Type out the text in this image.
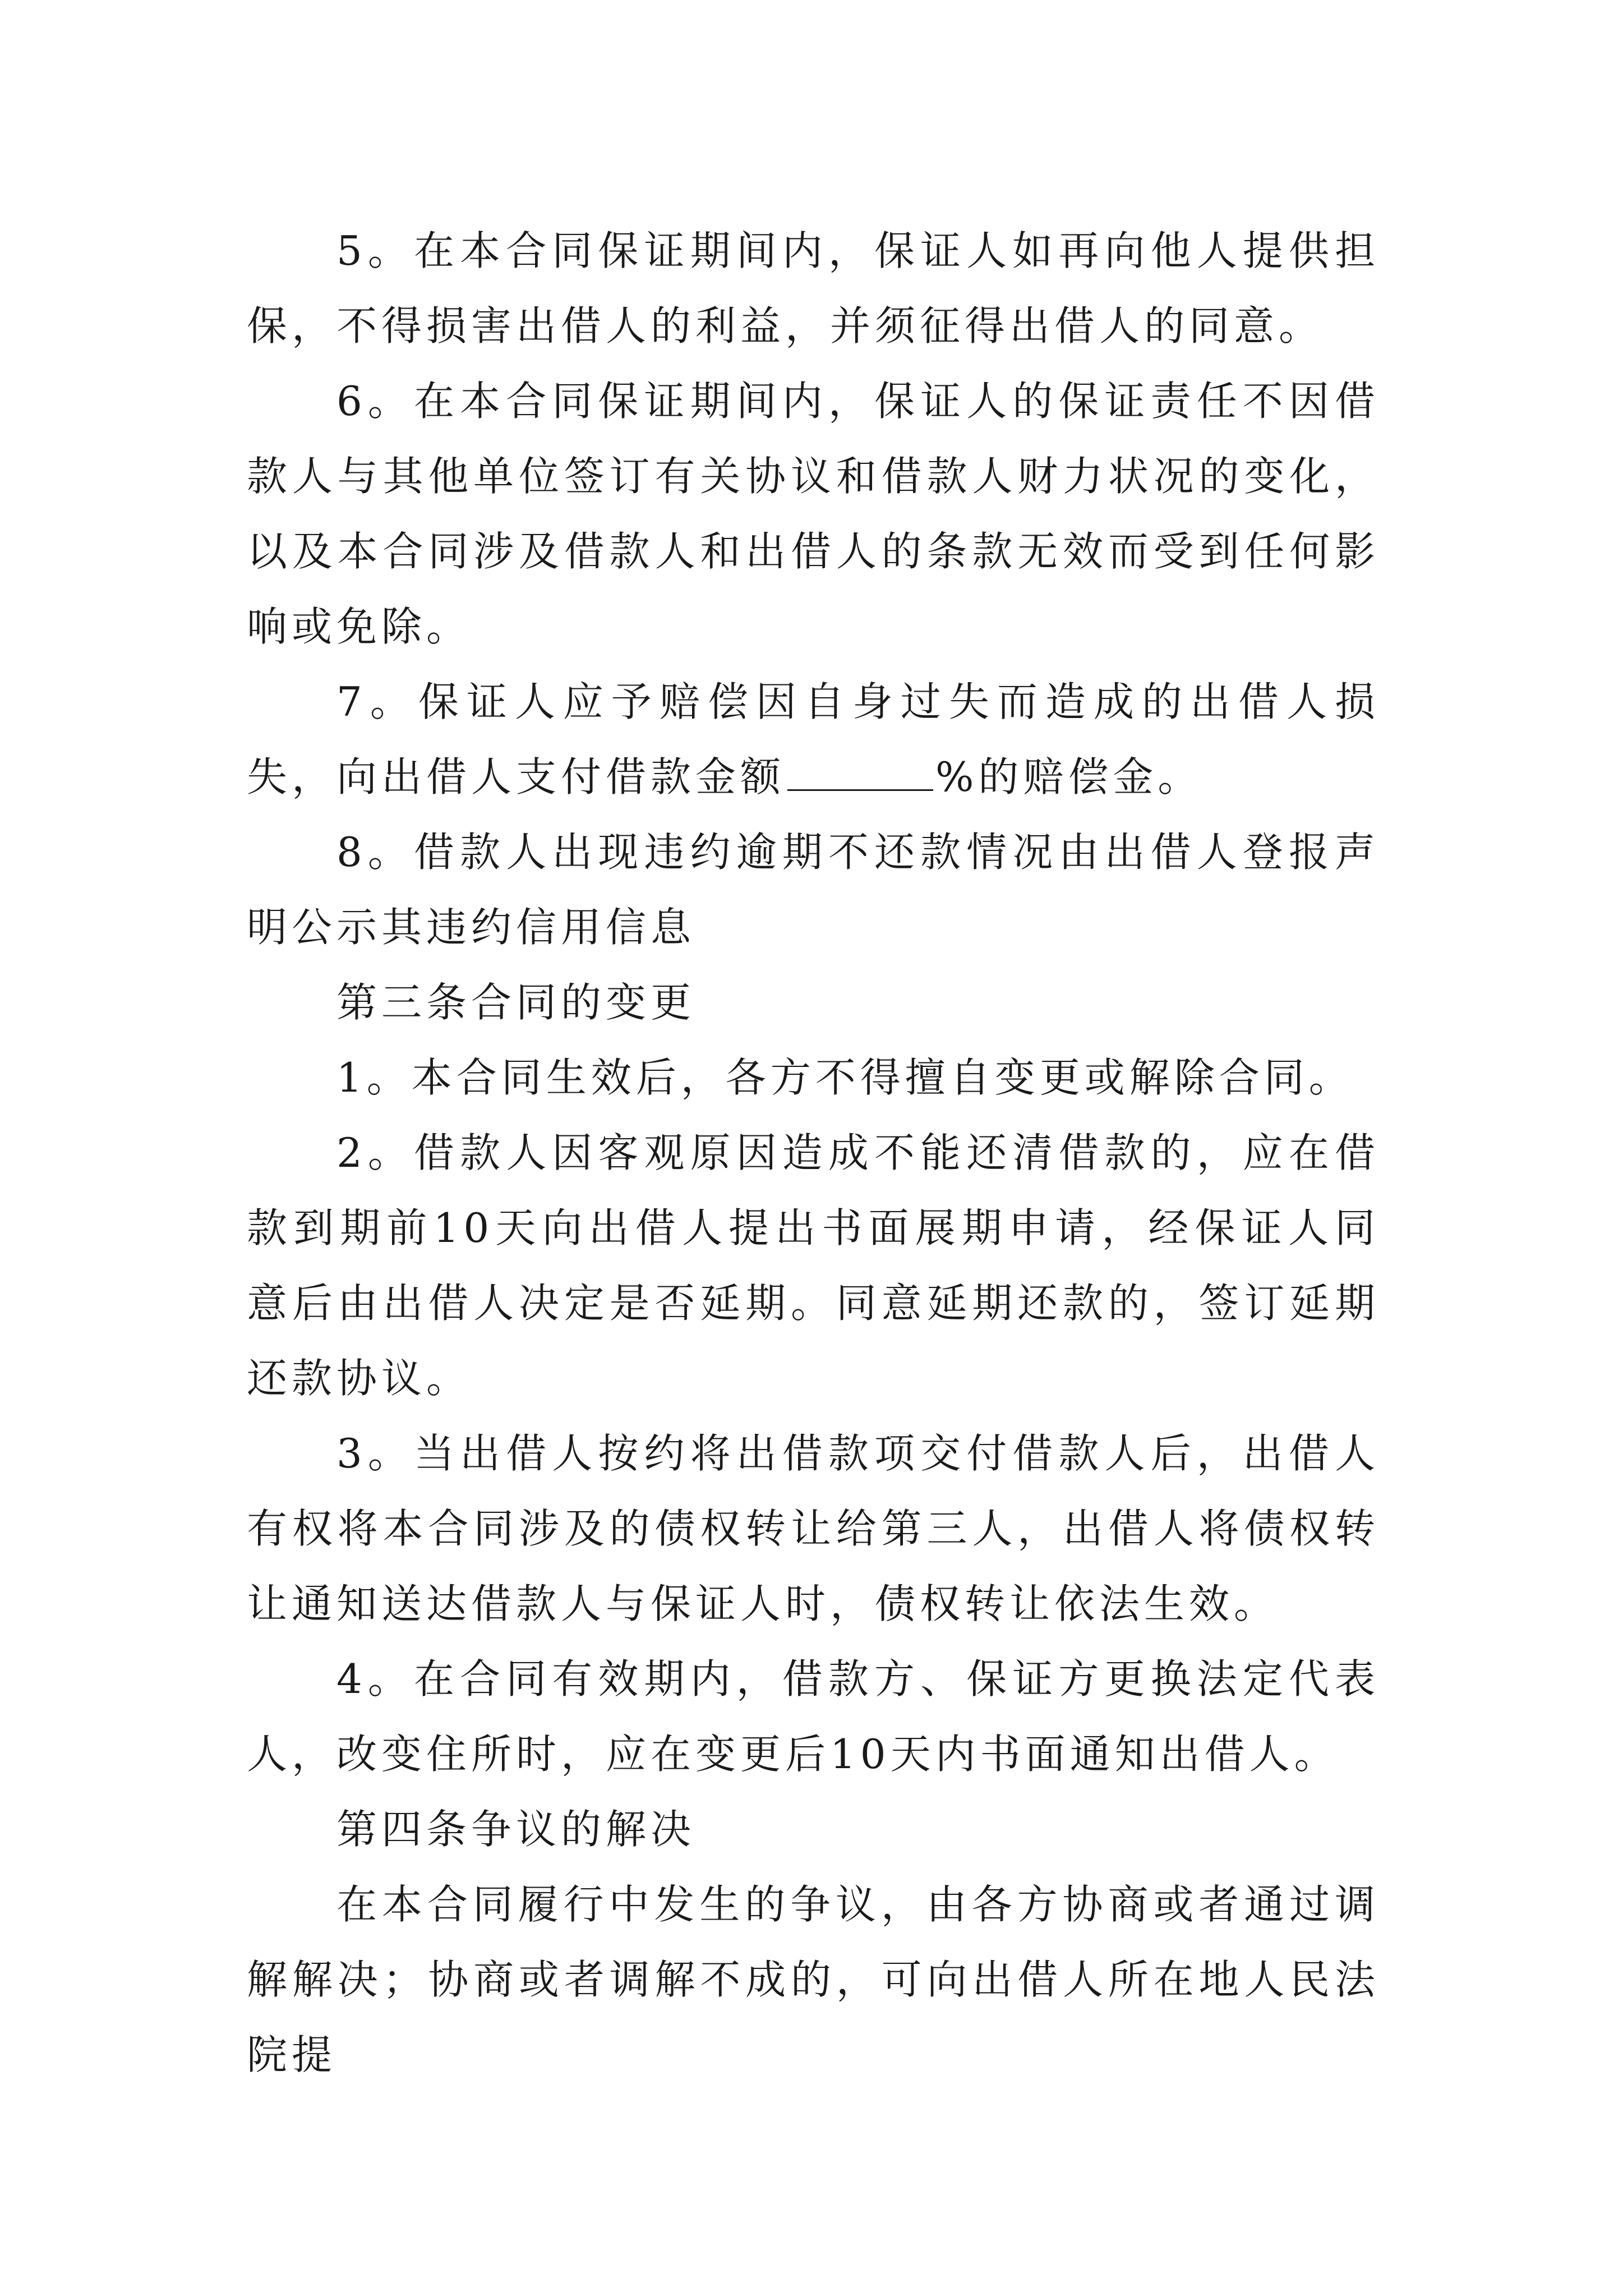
5。在本合同保证期间内，保证人如再向他人提供担保，不得损害出借人的利益，并须征得出借人的同意。

6。在本合同保证期间内，保证人的保证责任不因借款人与其他单位签订有关协议和借款人财力状况的变化，以及本合同涉及借款人和出借人的条款无效而受到任何影响或免除。

7。保证人应予赔偿因自身过失而造成的出借人损失，向出借人支付借款金额	%的赔偿金。

8。借款人出现违约逾期不还款情况由出借人登报声明公示其违约信用信息

第三条合同的变更

1。本合同生效后，各方不得擅自变更或解除合同。

2。借款人因客观原因造成不能还清借款的，应在借款到期前10天向出借人提出书面展期申请，经保证人同意后由出借人决定是否延期。同意延期还款的，签订延期还款协议。

3。当出借人按约将出借款项交付借款人后，出借人有权将本合同涉及的债权转让给第三人，出借人将债权转让通知送达借款人与保证人时，债权转让依法生效。

4。在合同有效期内，借款方、保证方更换法定代表人，改变住所时，应在变更后10天内书面通知出借人。

第四条争议的解决

在本合同履行中发生的争议，由各方协商或者通过调解解决；协商或者调解不成的，可向出借人所在地人民法院提
